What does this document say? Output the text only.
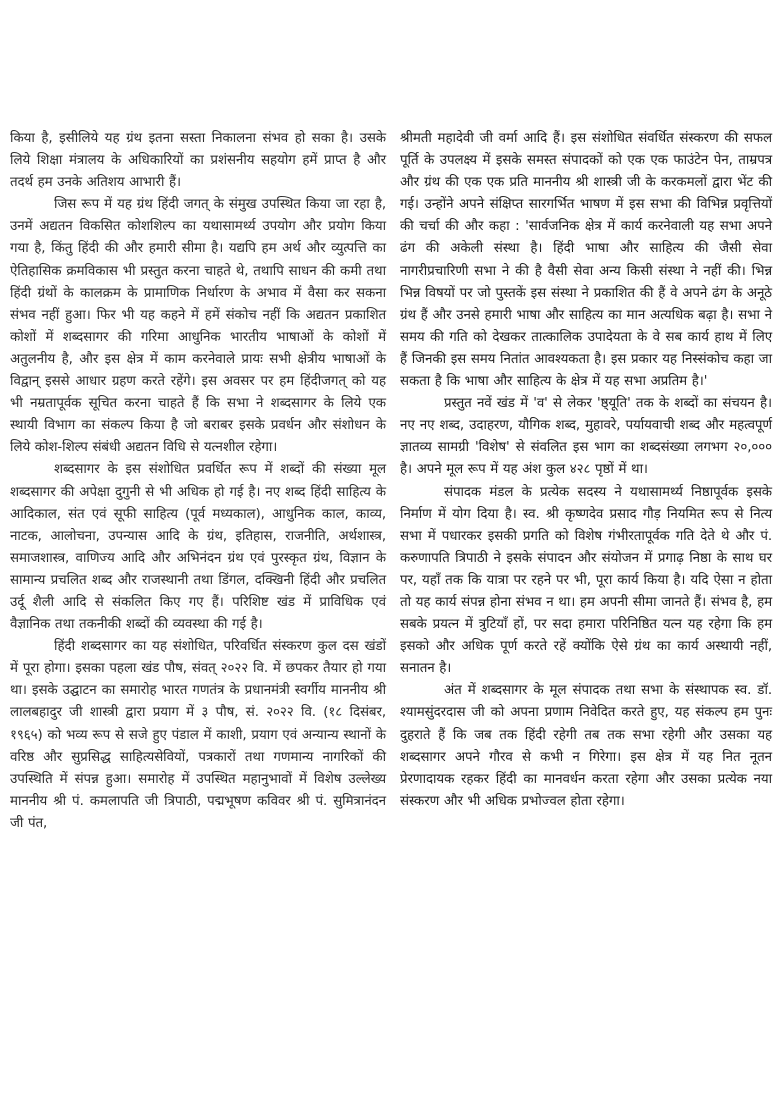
किया है, इसीलिये यह ग्रंथ इतना सस्ता निकालना संभव हो सका है। उसके लिये शिक्षा मंत्रालय के अधिकारियों का प्रशंसनीय सहयोग हमें प्राप्त है और तदर्थ हम उनके अतिशय आभारी हैं।

जिस रूप में यह ग्रंथ हिंदी जगत् के संमुख उपस्थित किया जा रहा है, उनमें अद्यतन विकसित कोशशिल्प का यथासामर्थ्य उपयोग और प्रयोग किया गया है, किंतु हिंदी की और हमारी सीमा है। यद्यपि हम अर्थ और व्युत्पत्ति का ऐतिहासिक क्रमविकास भी प्रस्तुत करना चाहते थे, तथापि साधन की कमी तथा हिंदी ग्रंथों के कालक्रम के प्रामाणिक निर्धारण के अभाव में वैसा कर सकना संभव नहीं हुआ। फिर भी यह कहने में हमें संकोच नहीं कि अद्यतन प्रकाशित कोशों में शब्दसागर की गरिमा आधुनिक भारतीय भाषाओं के कोशों में अतुलनीय है, और इस क्षेत्र में काम करनेवाले प्रायः सभी क्षेत्रीय भाषाओं के विद्वान् इससे आधार ग्रहण करते रहेंगे। इस अवसर पर हम हिंदीजगत् को यह भी नम्रतापूर्वक सूचित करना चाहते हैं कि सभा ने शब्दसागर के लिये एक स्थायी विभाग का संकल्प किया है जो बराबर इसके प्रवर्धन और संशोधन के लिये कोश-शिल्प संबंधी अद्यतन विधि से यत्नशील रहेगा।

शब्दसागर के इस संशोधित प्रवर्धित रूप में शब्दों की संख्या मूल शब्दसागर की अपेक्षा दुगुनी से भी अधिक हो गई है। नए शब्द हिंदी साहित्य के आदिकाल, संत एवं सूफी साहित्य (पूर्व मध्यकाल), आधुनिक काल, काव्य, नाटक, आलोचना, उपन्यास आदि के ग्रंथ, इतिहास, राजनीति, अर्थशास्त्र, समाजशास्त्र, वाणिज्य आदि और अभिनंदन ग्रंथ एवं पुरस्कृत ग्रंथ, विज्ञान के सामान्य प्रचलित शब्द और राजस्थानी तथा डिंगल, दक्खिनी हिंदी और प्रचलित उर्दू शैली आदि से संकलित किए गए हैं। परिशिष्ट खंड में प्राविधिक एवं वैज्ञानिक तथा तकनीकी शब्दों की व्यवस्था की गई है।

हिंदी शब्दसागर का यह संशोधित, परिवर्धित संस्करण कुल दस खंडों में पूरा होगा। इसका पहला खंड पौष, संवत् २०२२ वि. में छपकर तैयार हो गया था। इसके उद्घाटन का समारोह भारत गणतंत्र के प्रधानमंत्री स्वर्गीय माननीय श्री लालबहादुर जी शास्त्री द्वारा प्रयाग में ३ पौष, सं. २०२२ वि. (१८ दिसंबर, १९६५) को भव्य रूप से सजे हुए पंडाल में काशी, प्रयाग एवं अन्यान्य स्थानों के वरिष्ठ और सुप्रसिद्ध साहित्यसेवियों, पत्रकारों तथा गणमान्य नागरिकों की उपस्थिति में संपन्न हुआ। समारोह में उपस्थित महानुभावों में विशेष उल्लेख्य माननीय श्री पं. कमलापति जी त्रिपाठी, पद्मभूषण कविवर श्री पं. सुमित्रानंदन जी पंत,

श्रीमती महादेवी जी वर्मा आदि हैं। इस संशोधित संवर्धित संस्करण की सफल पूर्ति के उपलक्ष्य में इसके समस्त संपादकों को एक एक फाउंटेन पेन, ताम्रपत्र और ग्रंथ की एक एक प्रति माननीय श्री शास्त्री जी के करकमलों द्वारा भेंट की गई। उन्होंने अपने संक्षिप्त सारगर्भित भाषण में इस सभा की विभिन्न प्रवृत्तियों की चर्चा की और कहा : 'सार्वजनिक क्षेत्र में कार्य करनेवाली यह सभा अपने ढंग की अकेली संस्था है। हिंदी भाषा और साहित्य की जैसी सेवा नागरीप्रचारिणी सभा ने की है वैसी सेवा अन्य किसी संस्था ने नहीं की। भिन्न भिन्न विषयों पर जो पुस्तकें इस संस्था ने प्रकाशित की हैं वे अपने ढंग के अनूठे ग्रंथ हैं और उनसे हमारी भाषा और साहित्य का मान अत्यधिक बढ़ा है। सभा ने समय की गति को देखकर तात्कालिक उपादेयता के वे सब कार्य हाथ में लिए हैं जिनकी इस समय नितांत आवश्यकता है। इस प्रकार यह निस्संकोच कहा जा सकता है कि भाषा और साहित्य के क्षेत्र में यह सभा अप्रतिम है।'

प्रस्तुत नवें खंड में 'व' से लेकर 'ष्ठ्यूति' तक के शब्दों का संचयन है। नए नए शब्द, उदाहरण, यौगिक शब्द, मुहावरे, पर्यायवाची शब्द और महत्वपूर्ण ज्ञातव्य सामग्री 'विशेष' से संवलित इस भाग का शब्दसंख्या लगभग २०,००० है। अपने मूल रूप में यह अंश कुल ४२८ पृष्ठों में था।

संपादक मंडल के प्रत्येक सदस्य ने यथासामर्थ्य निष्ठापूर्वक इसके निर्माण में योग दिया है। स्व. श्री कृष्णदेव प्रसाद गौड़ नियमित रूप से नित्य सभा में पधारकर इसकी प्रगति को विशेष गंभीरतापूर्वक गति देते थे और पं. करुणापति त्रिपाठी ने इसके संपादन और संयोजन में प्रगाढ़ निष्ठा के साथ घर पर, यहाँ तक कि यात्रा पर रहने पर भी, पूरा कार्य किया है। यदि ऐसा न होता तो यह कार्य संपन्न होना संभव न था। हम अपनी सीमा जानते हैं। संभव है, हम सबके प्रयत्न में त्रुटियाँ हों, पर सदा हमारा परिनिष्ठित यत्न यह रहेगा कि हम इसको और अधिक पूर्ण करते रहें क्योंकि ऐसे ग्रंथ का कार्य अस्थायी नहीं, सनातन है।

अंत में शब्दसागर के मूल संपादक तथा सभा के संस्थापक स्व. डॉ. श्यामसुंदरदास जी को अपना प्रणाम निवेदित करते हुए, यह संकल्प हम पुनः दुहराते हैं कि जब तक हिंदी रहेगी तब तक सभा रहेगी और उसका यह शब्दसागर अपने गौरव से कभी न गिरेगा। इस क्षेत्र में यह नित नूतन प्रेरणादायक रहकर हिंदी का मानवर्धन करता रहेगा और उसका प्रत्येक नया संस्करण और भी अधिक प्रभोज्वल होता रहेगा।
